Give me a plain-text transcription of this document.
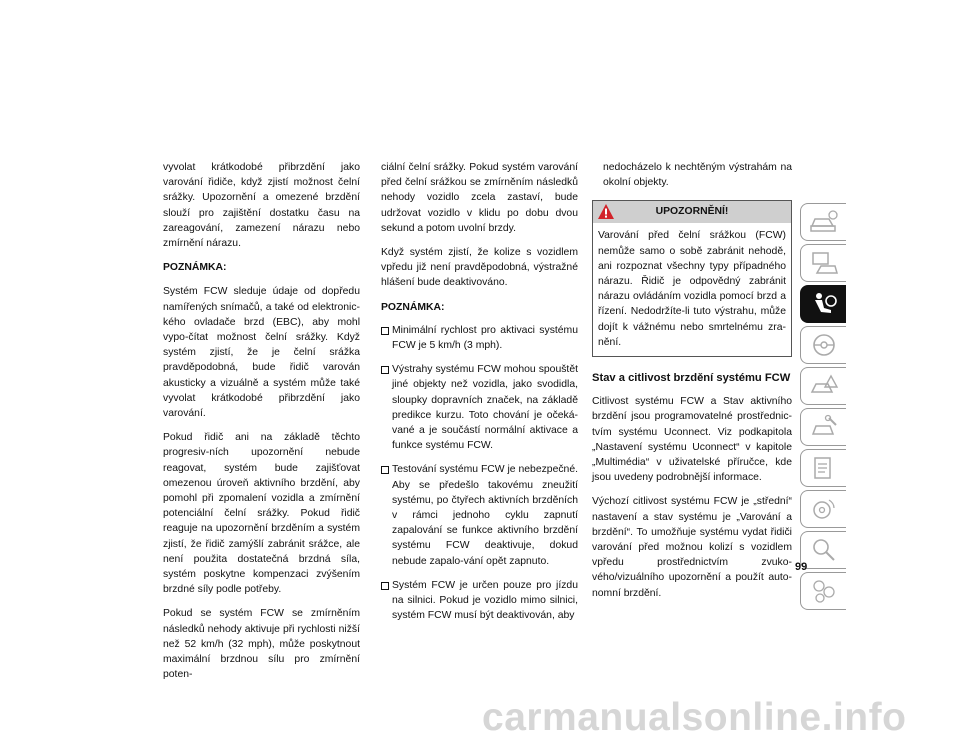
vyvolat krátkodobé přibrzdění jako varování řidiče, když zjistí možnost čelní srážky. Upozornění a omezené brzdění slouží pro zajištění dostatku času na zareagování, zamezení nárazu nebo zmírnění nárazu.

POZNÁMKA:

Systém FCW sleduje údaje od dopředu namířených snímačů, a také od elektronic-kého ovladače brzd (EBC), aby mohl vypo-čítat možnost čelní srážky. Když systém zjistí, že je čelní srážka pravděpodobná, bude řidič varován akusticky a vizuálně a systém může také vyvolat krátkodobé přibrzdění jako varování.

Pokud řidič ani na základě těchto progresiv-ních upozornění nebude reagovat, systém bude zajišťovat omezenou úroveň aktivního brzdění, aby pomohl při zpomalení vozidla a zmírnění potenciální čelní srážky. Pokud řidič reaguje na upozornění brzděním a systém zjistí, že řidič zamýšlí zabránit srážce, ale není použita dostatečná brzdná síla, systém poskytne kompenzaci zvýšením brzdné síly podle potřeby.

Pokud se systém FCW se zmírněním následků nehody aktivuje při rychlosti nižší než 52 km/h (32 mph), může poskytnout maximální brzdnou sílu pro zmírnění poten-

ciální čelní srážky. Pokud systém varování před čelní srážkou se zmírněním následků nehody vozidlo zcela zastaví, bude udržovat vozidlo v klidu po dobu dvou sekund a potom uvolní brzdy.

Když systém zjistí, že kolize s vozidlem vpředu již není pravděpodobná, výstražné hlášení bude deaktivováno.

POZNÁMKA:

Minimální rychlost pro aktivaci systému FCW je 5 km/h (3 mph).
Výstrahy systému FCW mohou spouštět jiné objekty než vozidla, jako svodidla, sloupky dopravních značek, na základě predikce kurzu. Toto chování je očeká-vané a je součástí normální aktivace a funkce systému FCW.
Testování systému FCW je nebezpečné. Aby se předešlo takovému zneužití systému, po čtyřech aktivních brzděních v rámci jednoho cyklu zapnutí zapalování se funkce aktivního brzdění systému FCW deaktivuje, dokud nebude zapalo-vání opět zapnuto.
Systém FCW je určen pouze pro jízdu na silnici. Pokud je vozidlo mimo silnici, systém FCW musí být deaktivován, aby

nedocházelo k nechtěným výstrahám na okolní objekty.

UPOZORNĚNÍ!
Varování před čelní srážkou (FCW) nemůže samo o sobě zabránit nehodě, ani rozpoznat všechny typy případného nárazu. Řidič je odpovědný zabránit nárazu ovládáním vozidla pomocí brzd a řízení. Nedodržíte-li tuto výstrahu, může dojít k vážnému nebo smrtelnému zra-nění.
Stav a citlivost brzdění systému FCW

Citlivost systému FCW a Stav aktivního brzdění jsou programovatelné prostřednic-tvím systému Uconnect. Viz podkapitola „Nastavení systému Uconnect“ v kapitole „Multimédia“ v uživatelské příručce, kde jsou uvedeny podrobnější informace.

Výchozí citlivost systému FCW je „střední“ nastavení a stav systému je „Varování a brzdění“. To umožňuje systému vydat řidiči varování před možnou kolizí s vozidlem vpředu prostřednictvím zvuko-vého/vizuálního upozornění a použít auto-nomní brzdění.

99
carmanualsonline.info
